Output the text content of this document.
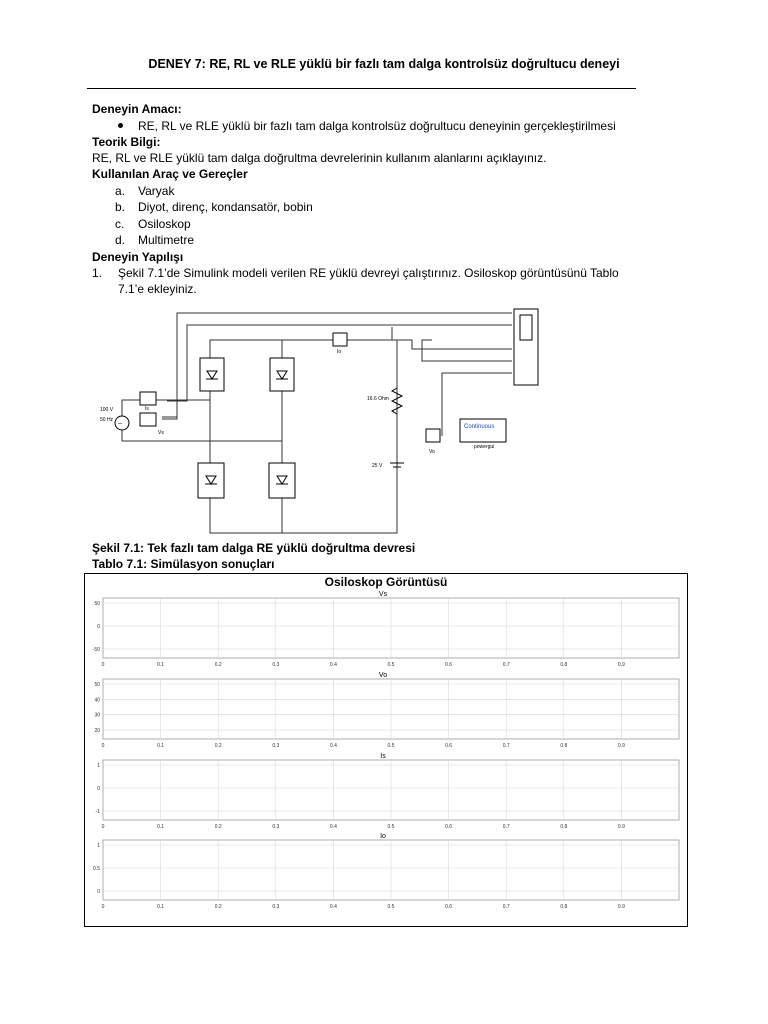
DENEY 7: RE, RL ve RLE yüklü bir fazlı tam dalga kontrolsüz doğrultucu deneyi
Deneyin Amacı:
RE, RL ve RLE yüklü bir fazlı tam dalga kontrolsüz doğrultucu deneyinin gerçekleştirilmesi
Teorik Bilgi:
RE, RL ve RLE yüklü tam dalga doğrultma devrelerinin kullanım alanlarını açıklayınız.
Kullanılan Araç ve Gereçler
a. Varyak
b. Diyot, direnç, kondansatör, bobin
c. Osiloskop
d. Multimetre
Deneyin Yapılışı
1. Şekil 7.1’de Simulink modeli verilen RE yüklü devreyi çalıştırınız. Osiloskop görüntüsünü Tablo
7.1’e ekleyiniz.
~	Continuous
100 V
50 Hz
Is
Vs
Io
16.6 Ohm
25 V
Vo
powergui
Şekil 7.1: Tek fazlı tam dalga RE yüklü doğrultma devresi
Tablo 7.1: Simülasyon sonuçları
Osiloskop Görüntüsü
Vs
0	0.1	0.2	0.3	0.4	0.5	0.6	0.7	0.8	0.9
50
0
-50
Vo
0	0.1	0.2	0.3	0.4	0.5	0.6	0.7	0.8	0.9
50
40
30
20
Is
0	0.1	0.2	0.3	0.4	0.5	0.6	0.7	0.8	0.9
1
0
-1
Io
0	0.1	0.2	0.3	0.4	0.5	0.6	0.7	0.8	0.9
1
0.5
0
